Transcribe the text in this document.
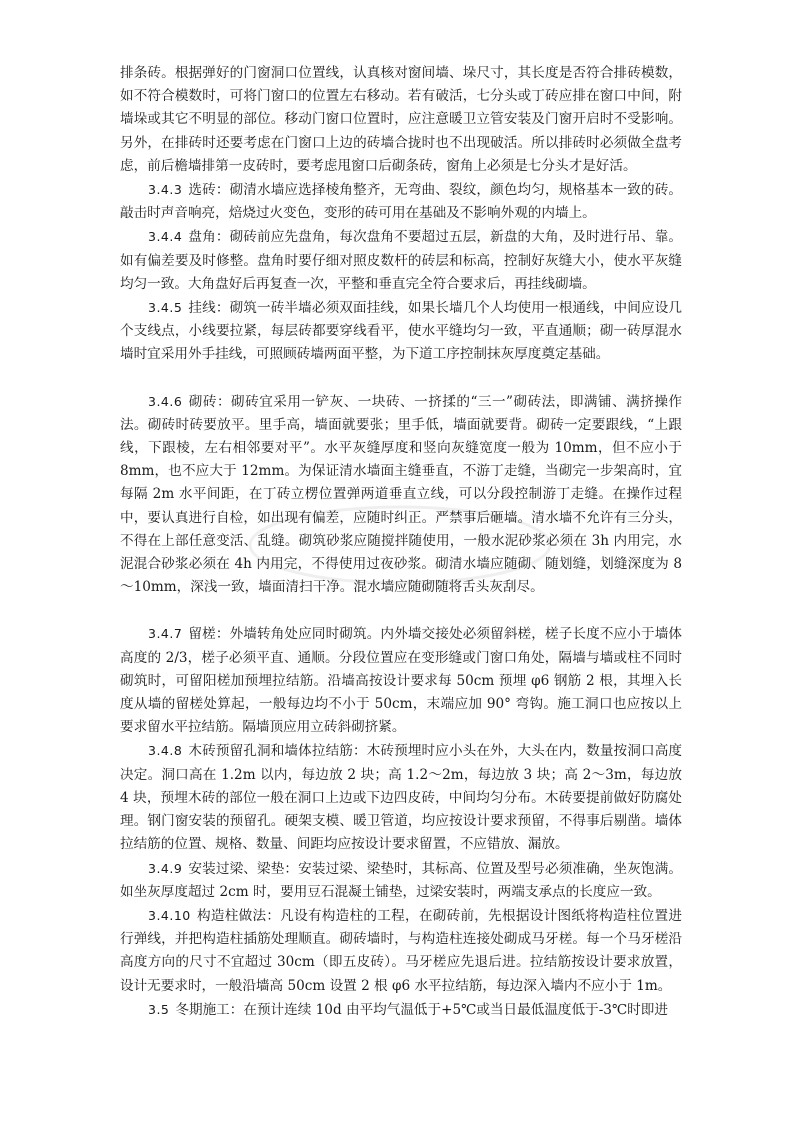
排条砖。根据弹好的门窗洞口位置线，认真核对窗间墙、垛尺寸，其长度是否符合排砖模数，如不符合模数时，可将门窗口的位置左右移动。若有破活，七分头或丁砖应排在窗口中间，附墙垛或其它不明显的部位。移动门窗口位置时，应注意暖卫立管安装及门窗开启时不受影响。另外，在排砖时还要考虑在门窗口上边的砖墙合拢时也不出现破活。所以排砖时必须做全盘考虑，前后檐墙排第一皮砖时，要考虑甩窗口后砌条砖，窗角上必须是七分头才是好活。

3.4.3 选砖：砌清水墙应选择棱角整齐，无弯曲、裂纹，颜色均匀，规格基本一致的砖。敲击时声音响亮，焙烧过火变色，变形的砖可用在基础及不影响外观的内墙上。

3.4.4 盘角：砌砖前应先盘角，每次盘角不要超过五层，新盘的大角，及时进行吊、靠。如有偏差要及时修整。盘角时要仔细对照皮数杆的砖层和标高，控制好灰缝大小，使水平灰缝均匀一致。大角盘好后再复查一次，平整和垂直完全符合要求后，再挂线砌墙。

3.4.5 挂线：砌筑一砖半墙必须双面挂线，如果长墙几个人均使用一根通线，中间应设几个支线点，小线要拉紧，每层砖都要穿线看平，使水平缝均匀一致，平直通顺；砌一砖厚混水墙时宜采用外手挂线，可照顾砖墙两面平整，为下道工序控制抹灰厚度奠定基础。

3.4.6 砌砖：砌砖宜采用一铲灰、一块砖、一挤揉的“三一”砌砖法，即满铺、满挤操作法。砌砖时砖要放平。里手高，墙面就要张；里手低，墙面就要背。砌砖一定要跟线，“上跟线，下跟棱，左右相邻要对平”。水平灰缝厚度和竖向灰缝宽度一般为 10mm，但不应小于 8mm，也不应大于 12mm。为保证清水墙面主缝垂直，不游丁走缝，当砌完一步架高时，宜每隔 2m 水平间距，在丁砖立楞位置弹两道垂直立线，可以分段控制游丁走缝。在操作过程中，要认真进行自检，如出现有偏差，应随时纠正。严禁事后砸墙。清水墙不允许有三分头，不得在上部任意变活、乱缝。砌筑砂浆应随搅拌随使用，一般水泥砂浆必须在 3h 内用完，水泥混合砂浆必须在 4h 内用完，不得使用过夜砂浆。砌清水墙应随砌、随划缝，划缝深度为 8～10mm，深浅一致，墙面清扫干净。混水墙应随砌随将舌头灰刮尽。

3.4.7 留槎：外墙转角处应同时砌筑。内外墙交接处必须留斜槎，槎子长度不应小于墙体高度的 2/3，槎子必须平直、通顺。分段位置应在变形缝或门窗口角处，隔墙与墙或柱不同时砌筑时，可留阳槎加预埋拉结筋。沿墙高按设计要求每 50cm 预埋 φ6 钢筋 2 根，其埋入长度从墙的留槎处算起，一般每边均不小于 50cm，末端应加 90° 弯钩。施工洞口也应按以上要求留水平拉结筋。隔墙顶应用立砖斜砌挤紧。

3.4.8 木砖预留孔洞和墙体拉结筋：木砖预埋时应小头在外，大头在内，数量按洞口高度决定。洞口高在 1.2m 以内，每边放 2 块；高 1.2～2m，每边放 3 块；高 2～3m，每边放 4 块，预埋木砖的部位一般在洞口上边或下边四皮砖，中间均匀分布。木砖要提前做好防腐处理。钢门窗安装的预留孔。硬架支模、暖卫管道，均应按设计要求预留，不得事后剔凿。墙体拉结筋的位置、规格、数量、间距均应按设计要求留置，不应错放、漏放。

3.4.9 安装过梁、梁垫：安装过梁、梁垫时，其标高、位置及型号必须准确，坐灰饱满。如坐灰厚度超过 2cm 时，要用豆石混凝土铺垫，过梁安装时，两端支承点的长度应一致。

3.4.10 构造柱做法：凡设有构造柱的工程，在砌砖前，先根据设计图纸将构造柱位置进行弹线，并把构造柱插筋处理顺直。砌砖墙时，与构造柱连接处砌成马牙槎。每一个马牙槎沿高度方向的尺寸不宜超过 30cm（即五皮砖）。马牙槎应先退后进。拉结筋按设计要求放置，设计无要求时，一般沿墙高 50cm 设置 2 根 φ6 水平拉结筋，每边深入墙内不应小于 1m。

3.5 冬期施工：在预计连续 10d 由平均气温低于+5℃或当日最低温度低于-3℃时即进
